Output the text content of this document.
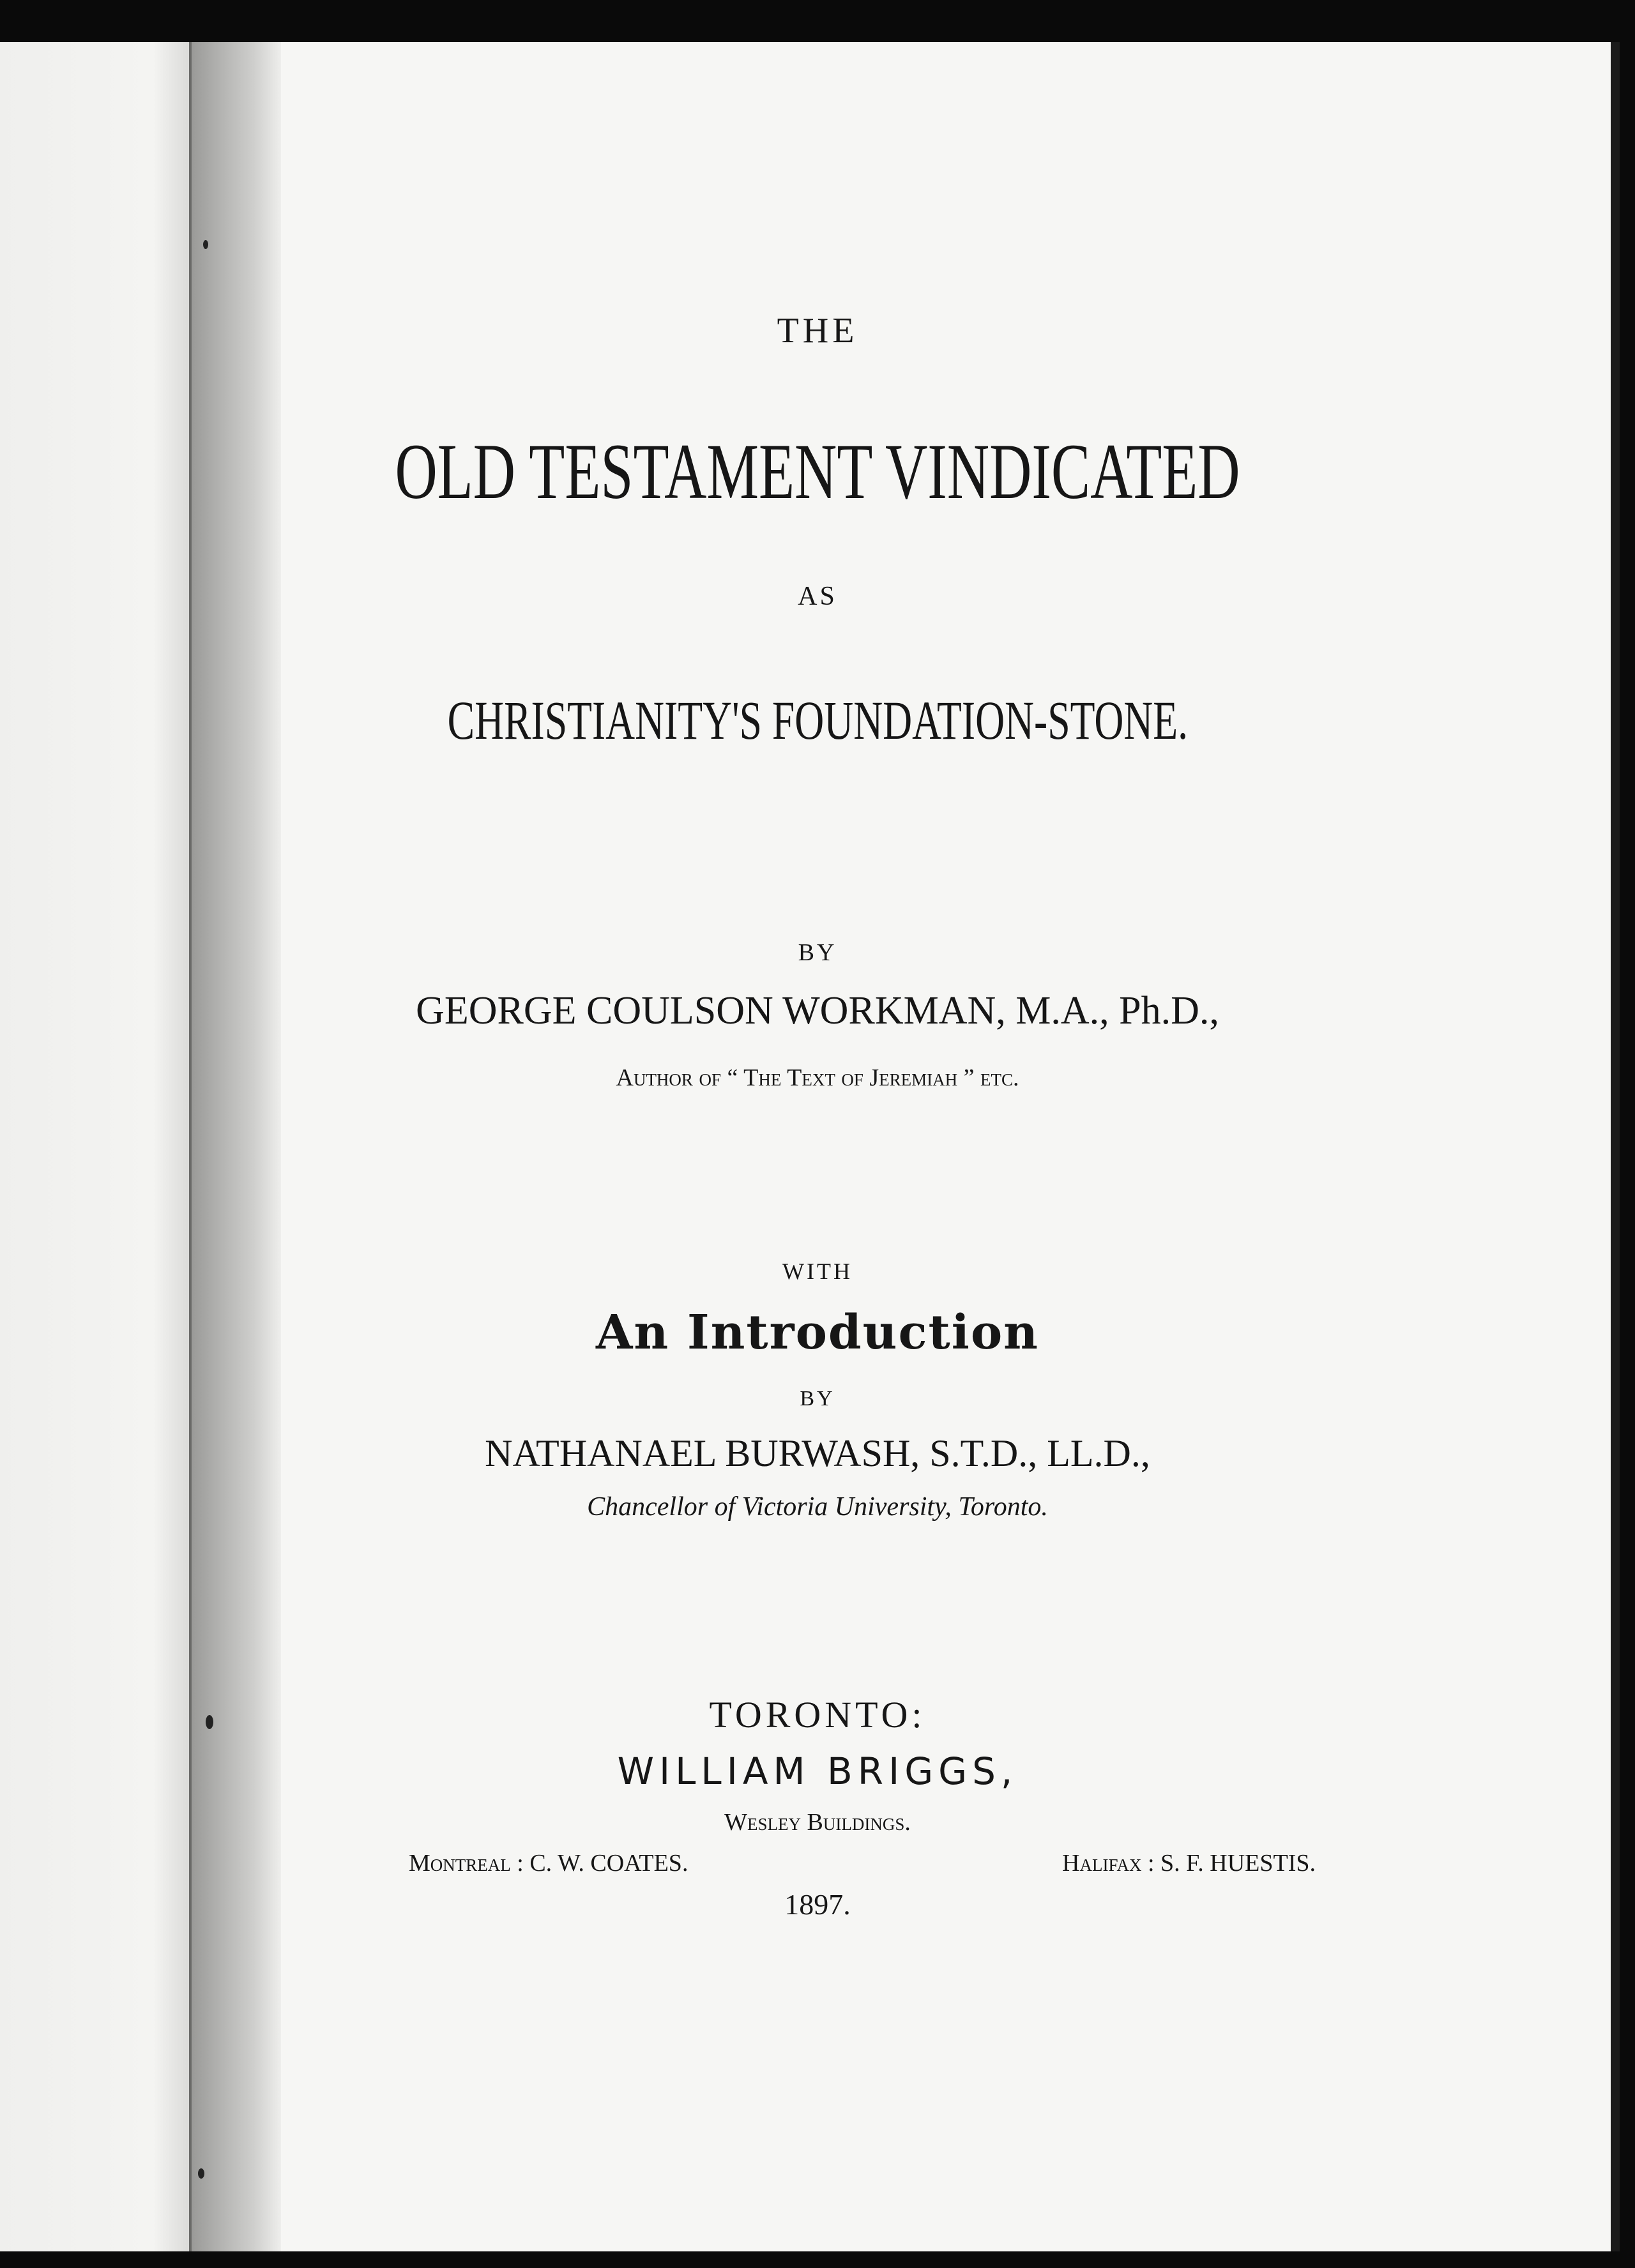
THE
OLD TESTAMENT VINDICATED
AS
CHRISTIANITY'S FOUNDATION-STONE.
BY
GEORGE COULSON WORKMAN, M.A., Ph.D.,
Author of “ The Text of Jeremiah ” etc.
WITH
An Introduction
BY
NATHANAEL BURWASH, S.T.D., LL.D.,
Chancellor of Victoria University, Toronto.
TORONTO:
WILLIAM BRIGGS,
Wesley Buildings.
Montreal : C. W. COATES.	Halifax : S. F. HUESTIS.
1897.
